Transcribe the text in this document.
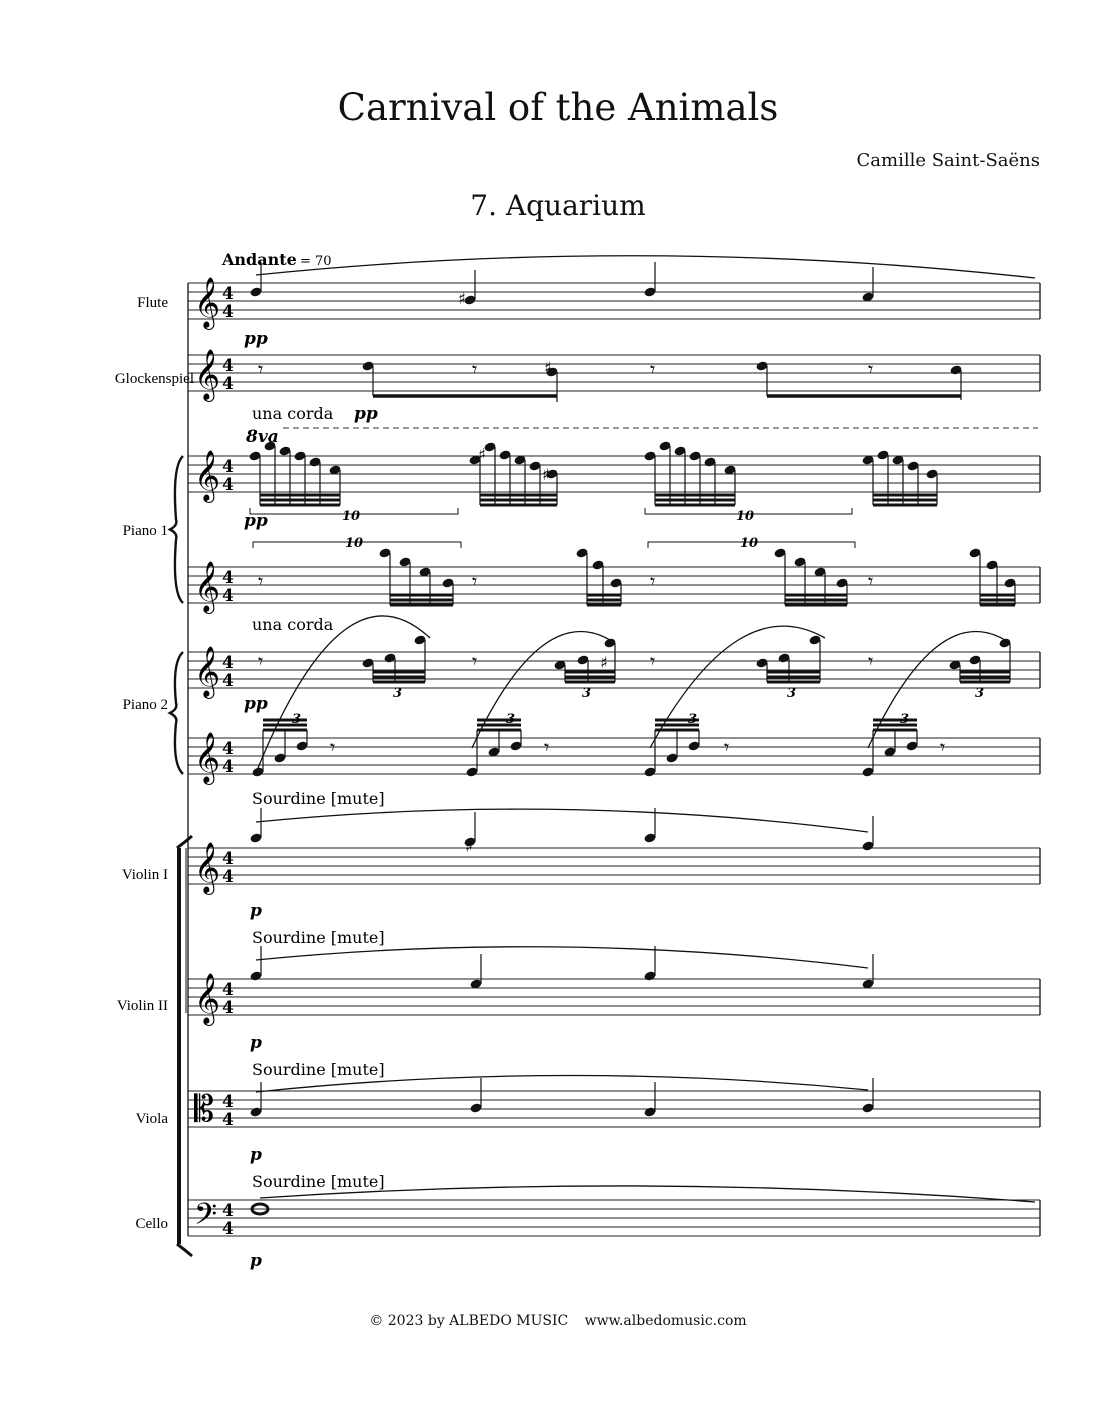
Carnival of the Animals
Camille Saint-Saëns
7. Aquarium
𝄞 4
4
𝄞 4
4
𝄞 4
4
𝄞 4
4
𝄞 4
4
𝄞 4
4
𝄞 4
4
𝄞 4
4
𝄡 4
4
𝄢 4
4
𝄾	𝄾	𝄾	𝄾
𝄾	𝄾
𝄾	𝄾
𝄾	𝄾	𝄾	𝄾
𝄾	𝄾	𝄾	𝄾
Andante = 70
Flute
Glockenspiel
Piano 1
Piano 2
Violin I
Violin II
Viola
Cello
una corda
una corda
Sourdine [mute]
Sourdine [mute]
Sourdine [mute]
Sourdine [mute]
pp
pp
pp
pp
p
p
p
p
8va
10	10
10	10
3	3	3	3
3	3	3	3
♯
♯
♯
♯
♯
♯
© 2023 by ALBEDO MUSIC www.albedomusic.com
